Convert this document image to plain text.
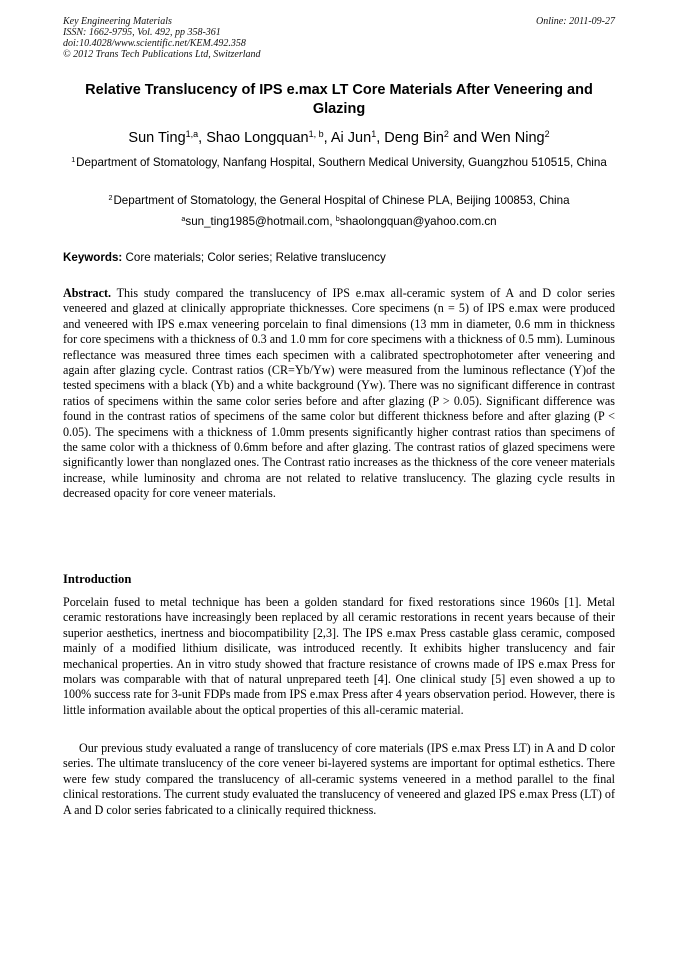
Key Engineering Materials
ISSN: 1662-9795, Vol. 492, pp 358-361
doi:10.4028/www.scientific.net/KEM.492.358
© 2012 Trans Tech Publications Ltd, Switzerland
Online: 2011-09-27
Relative Translucency of IPS e.max LT Core Materials After Veneering and Glazing
Sun Ting$^{1,a}$, Shao Longquan$^{1, b}$, Ai Jun$^1$, Deng Bin$^2$ and Wen Ning$^2$
$^1$ Department of Stomatology, Nanfang Hospital, Southern Medical University, Guangzhou 510515, China
$^2$ Department of Stomatology, the General Hospital of Chinese PLA, Beijing 100853, China
$^a$sun_ting1985@hotmail.com, $^b$shaolongquan@yahoo.com.cn
Keywords: Core materials; Color series; Relative translucency
Abstract. This study compared the translucency of IPS e.max all-ceramic system of A and D color series veneered and glazed at clinically appropriate thicknesses. Core specimens (n = 5) of IPS e.max were produced and veneered with IPS e.max veneering porcelain to final dimensions (13 mm in diameter, 0.6 mm in thickness for core specimens with a thickness of 0.3 and 1.0 mm for core specimens with a thickness of 0.5 mm). Luminous reflectance was measured three times each specimen with a calibrated spectrophotometer after veneering and again after glazing cycle. Contrast ratios (CR=Yb/Yw) were measured from the luminous reflectance (Y)of the tested specimens with a black (Yb) and a white background (Yw). There was no significant difference in contrast ratios of specimens within the same color series before and after glazing (P > 0.05). Significant difference was found in the contrast ratios of specimens of the same color but different thickness before and after glazing (P < 0.05). The specimens with a thickness of 1.0mm presents significantly higher contrast ratios than specimens of the same color with a thickness of 0.6mm before and after glazing. The contrast ratios of glazed specimens were significantly lower than nonglazed ones. The Contrast ratio increases as the thickness of the core veneer materials increase, while luminosity and chroma are not related to relative translucency. The glazing cycle results in decreased opacity for core veneer materials.
Introduction

Porcelain fused to metal technique has been a golden standard for fixed restorations since 1960s [1]. Metal ceramic restorations have increasingly been replaced by all ceramic restorations in recent years because of their superior aesthetics, inertness and biocompatibility [2,3]. The IPS e.max Press castable glass ceramic, composed mainly of a modified lithium disilicate, was introduced recently. It exhibits higher translucency and fair mechanical properties. An in vitro study showed that fracture resistance of crowns made of IPS e.max Press for molars was comparable with that of natural unprepared teeth [4]. One clinical study [5] even showed a up to 100% success rate for 3-unit FDPs made from IPS e.max Press after 4 years observation period. However, there is little information available about the optical properties of this all-ceramic material.

Our previous study evaluated a range of translucency of core materials (IPS e.max Press LT) in A and D color series. The ultimate translucency of the core veneer bi-layered systems are important for optimal esthetics. There were few study compared the translucency of all-ceramic systems veneered in a method parallel to the final clinical restorations. The current study evaluated the translucency of veneered and glazed IPS e.max Press (LT) of A and D color series fabricated to a clinically required thickness.
